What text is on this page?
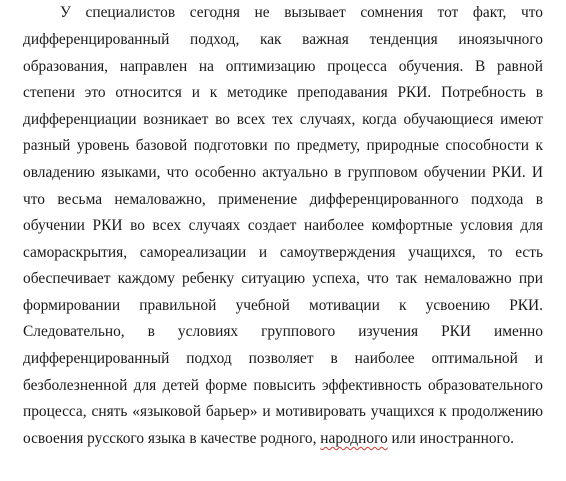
У специалистов сегодня не вызывает сомнения тот факт, что
дифференцированный подход, как важная тенденция иноязычного
образования, направлен на оптимизацию процесса обучения. В равной
степени это относится и к методике преподавания РКИ. Потребность в
дифференциации возникает во всех тех случаях, когда обучающиеся имеют
разный уровень базовой подготовки по предмету, природные способности к
овладению языками, что особенно актуально в групповом обучении РКИ. И
что весьма немаловажно, применение дифференцированного подхода в
обучении РКИ во всех случаях создает наиболее комфортные условия для
самораскрытия, самореализации и самоутверждения учащихся, то есть
обеспечивает каждому ребенку ситуацию успеха, что так немаловажно при
формировании правильной учебной мотивации к усвоению РКИ.
Следовательно, в условиях группового изучения РКИ именно
дифференцированный подход позволяет в наиболее оптимальной и
безболезненной для детей форме повысить эффективность образовательного
процесса, снять «языковой барьер» и мотивировать учащихся к продолжению
освоения русского языка в качестве родного, народного или иностранного.
